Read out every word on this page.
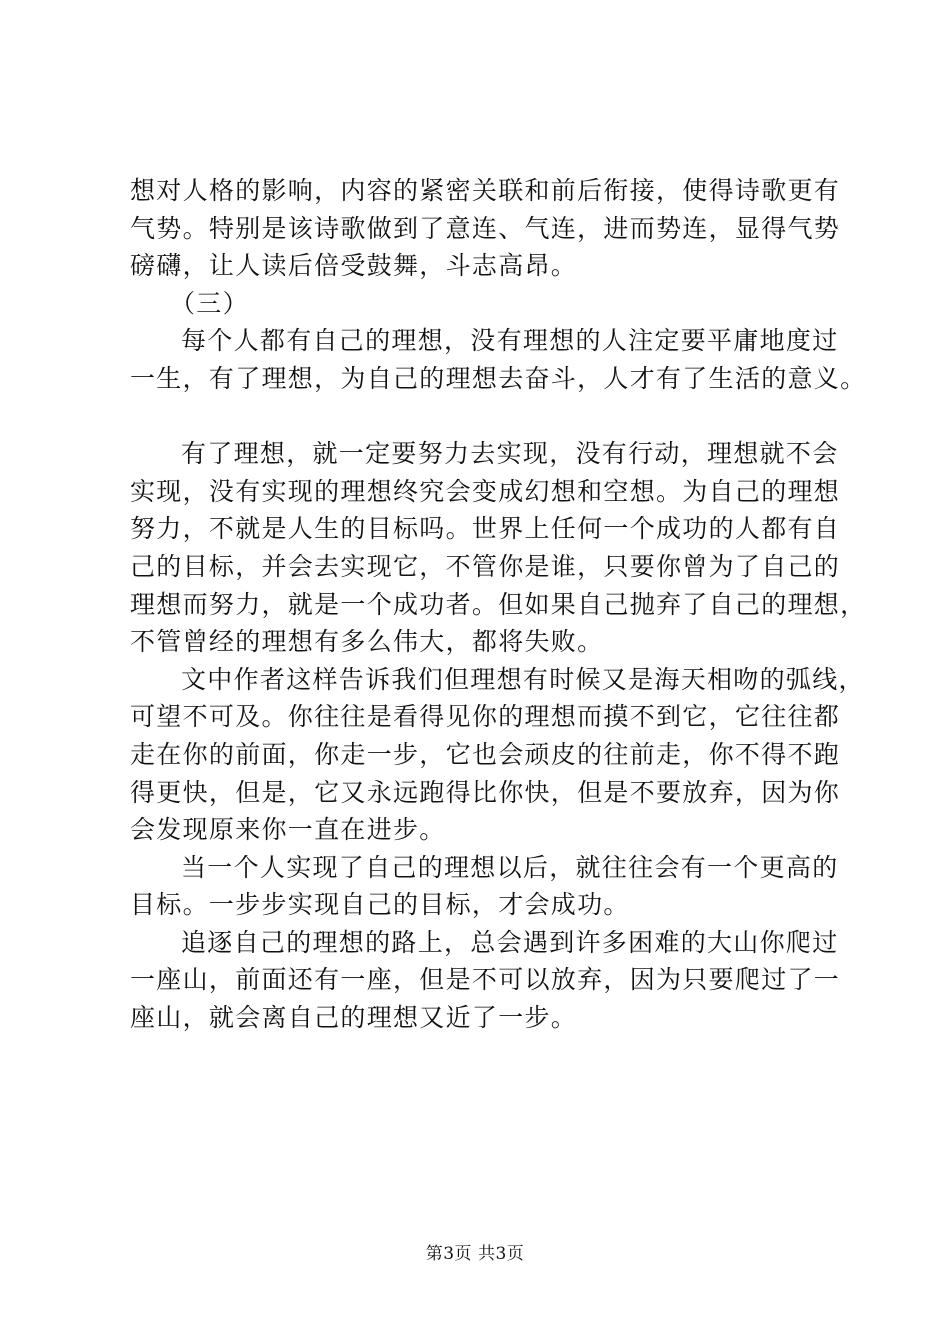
想对人格的影响，内容的紧密关联和前后衔接，使得诗歌更有
气势。特别是该诗歌做到了意连、气连，进而势连，显得气势
磅礴，让人读后倍受鼓舞，斗志高昂。
（三）
每个人都有自己的理想，没有理想的人注定要平庸地度过
一生，有了理想，为自己的理想去奋斗，人才有了生活的意义。
有了理想，就一定要努力去实现，没有行动，理想就不会
实现，没有实现的理想终究会变成幻想和空想。为自己的理想
努力，不就是人生的目标吗。世界上任何一个成功的人都有自
己的目标，并会去实现它，不管你是谁，只要你曾为了自己的
理想而努力，就是一个成功者。但如果自己抛弃了自己的理想，
不管曾经的理想有多么伟大，都将失败。
文中作者这样告诉我们但理想有时候又是海天相吻的弧线，
可望不可及。你往往是看得见你的理想而摸不到它，它往往都
走在你的前面，你走一步，它也会顽皮的往前走，你不得不跑
得更快，但是，它又永远跑得比你快，但是不要放弃，因为你
会发现原来你一直在进步。
当一个人实现了自己的理想以后，就往往会有一个更高的
目标。一步步实现自己的目标，才会成功。
追逐自己的理想的路上，总会遇到许多困难的大山你爬过
一座山，前面还有一座，但是不可以放弃，因为只要爬过了一
座山，就会离自己的理想又近了一步。
第3页 共3页
